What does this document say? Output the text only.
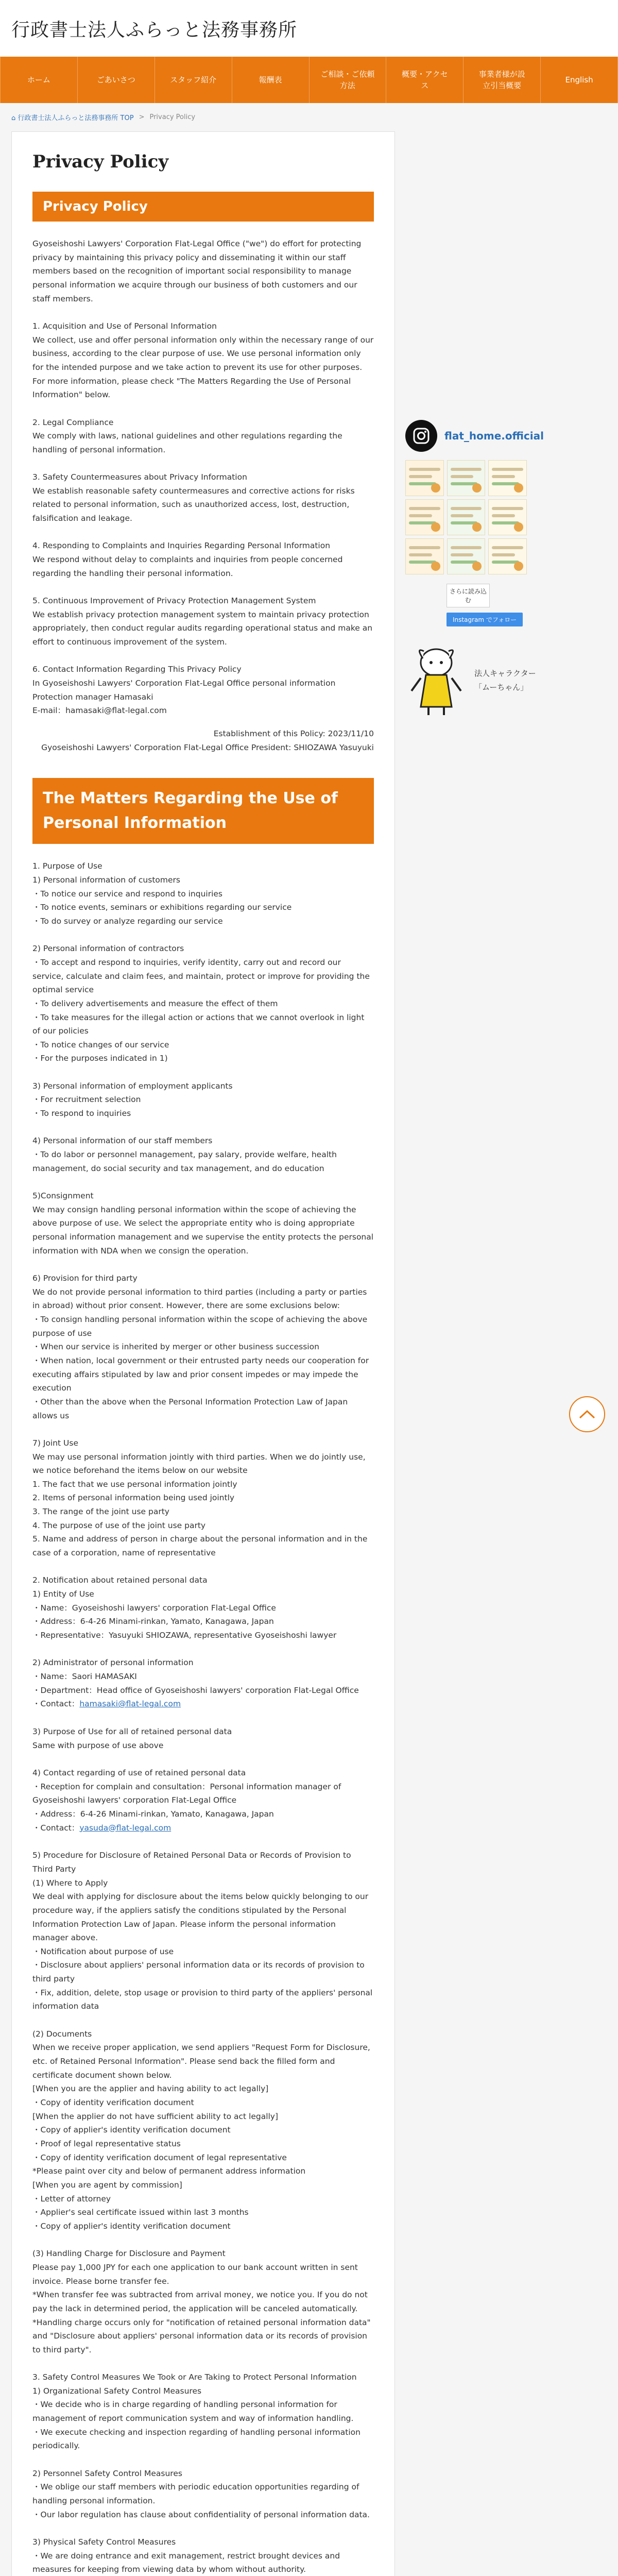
行政書士法人ふらっと法務事務所
ホーム	ごあいさつ	スタッフ紹介	報酬表
ご相談・ご依頼
方法
概要・アクセ
ス
事業者様が設
立引当概要
English
⌂ 行政書士法人ふらっと法務事務所 TOP > Privacy Policy
Privacy Policy
Privacy Policy
Gyoseishoshi Lawyers' Corporation Flat-Legal Office ("we") do effort for protecting privacy by maintaining this privacy policy and disseminating it within our staff members based on the recognition of important social responsibility to manage personal information we acquire through our business of both customers and our staff members.

1. Acquisition and Use of Personal Information
We collect, use and offer personal information only within the necessary range of our business, according to the clear purpose of use. We use personal information only for the intended purpose and we take action to prevent its use for other purposes. For more information, please check "The Matters Regarding the Use of Personal Information" below.

2. Legal Compliance
We comply with laws, national guidelines and other regulations regarding the handling of personal information.

3. Safety Countermeasures about Privacy Information
We establish reasonable safety countermeasures and corrective actions for risks related to personal information, such as unauthorized access, lost, destruction, falsification and leakage.

4. Responding to Complaints and Inquiries Regarding Personal Information
We respond without delay to complaints and inquiries from people concerned regarding the handling their personal information.

5. Continuous Improvement of Privacy Protection Management System
We establish privacy protection management system to maintain privacy protection appropriately, then conduct regular audits regarding operational status and make an effort to continuous improvement of the system.

6. Contact Information Regarding This Privacy Policy
In Gyoseishoshi Lawyers' Corporation Flat-Legal Office personal information Protection manager Hamasaki
E-mail：hamasaki@flat-legal.com
Establishment of this Policy: 2023/11/10
Gyoseishoshi Lawyers' Corporation Flat-Legal Office President: SHIOZAWA Yasuyuki
The Matters Regarding the Use of Personal Information
1. Purpose of Use
1) Personal information of customers
・To notice our service and respond to inquiries
・To notice events, seminars or exhibitions regarding our service
・To do survey or analyze regarding our service

2) Personal information of contractors
・To accept and respond to inquiries, verify identity, carry out and record our service, calculate and claim fees, and maintain, protect or improve for providing the optimal service
・To delivery advertisements and measure the effect of them
・To take measures for the illegal action or actions that we cannot overlook in light of our policies
・To notice changes of our service
・For the purposes indicated in 1)

3) Personal information of employment applicants
・For recruitment selection
・To respond to inquiries

4) Personal information of our staff members
・To do labor or personnel management, pay salary, provide welfare, health management, do social security and tax management, and do education

5)Consignment
We may consign handling personal information within the scope of achieving the above purpose of use. We select the appropriate entity who is doing appropriate personal information management and we supervise the entity protects the personal information with NDA when we consign the operation.

6) Provision for third party
We do not provide personal information to third parties (including a party or parties in abroad) without prior consent. However, there are some exclusions below:
・To consign handling personal information within the scope of achieving the above purpose of use
・When our service is inherited by merger or other business succession
・When nation, local government or their entrusted party needs our cooperation for executing affairs stipulated by law and prior consent impedes or may impede the execution
・Other than the above when the Personal Information Protection Law of Japan allows us

7) Joint Use
We may use personal information jointly with third parties. When we do jointly use, we notice beforehand the items below on our website
1. The fact that we use personal information jointly
2. Items of personal information being used jointly
3. The range of the joint use party
4. The purpose of use of the joint use party
5. Name and address of person in charge about the personal information and in the case of a corporation, name of representative

2. Notification about retained personal data
1) Entity of Use
・Name：Gyoseishoshi lawyers' corporation Flat-Legal Office
・Address：6-4-26 Minami-rinkan, Yamato, Kanagawa, Japan
・Representative：Yasuyuki SHIOZAWA, representative Gyoseishoshi lawyer

2) Administrator of personal information
・Name：Saori HAMASAKI
・Department：Head office of Gyoseishoshi lawyers' corporation Flat-Legal Office
・Contact：hamasaki@flat-legal.com
3) Purpose of Use for all of retained personal data
Same with purpose of use above

4) Contact regarding of use of retained personal data
・Reception for complain and consultation：Personal information manager of Gyoseishoshi lawyers' corporation Flat-Legal Office
・Address：6-4-26 Minami-rinkan, Yamato, Kanagawa, Japan
・Contact：yasuda@flat-legal.com
5) Procedure for Disclosure of Retained Personal Data or Records of Provision to Third Party
(1) Where to Apply
We deal with applying for disclosure about the items below quickly belonging to our procedure way, if the appliers satisfy the conditions stipulated by the Personal Information Protection Law of Japan. Please inform the personal information manager above.
・Notification about purpose of use
・Disclosure about appliers' personal information data or its records of provision to third party
・Fix, addition, delete, stop usage or provision to third party of the appliers' personal information data

(2) Documents
When we receive proper application, we send appliers "Request Form for Disclosure, etc. of Retained Personal Information". Please send back the filled form and certificate document shown below.
[When you are the applier and having ability to act legally]
・Copy of identity verification document
[When the applier do not have sufficient ability to act legally]
・Copy of applier's identity verification document
・Proof of legal representative status
・Copy of identity verification document of legal representative
*Please paint over city and below of permanent address information
[When you are agent by commission]
・Letter of attorney
・Applier's seal certificate issued within last 3 months
・Copy of applier's identity verification document

(3) Handling Charge for Disclosure and Payment
Please pay 1,000 JPY for each one application to our bank account written in sent invoice. Please borne transfer fee.
*When transfer fee was subtracted from arrival money, we notice you. If you do not pay the lack in determined period, the application will be canceled automatically.
*Handling charge occurs only for "notification of retained personal information data" and "Disclosure about appliers' personal information data or its records of provision to third party".

3. Safety Control Measures We Took or Are Taking to Protect Personal Information
1) Organizational Safety Control Measures
・We decide who is in charge regarding of handling personal information for management of report communication system and way of information handling.
・We execute checking and inspection regarding of handling personal information periodically.

2) Personnel Safety Control Measures
・We oblige our staff members with periodic education opportunities regarding of handling personal information.
・Our labor regulation has clause about confidentiality of personal information data.

3) Physical Safety Control Measures
・We are doing entrance and exit management, restrict brought devices and measures for keeping from viewing data by whom without authority.

flat_home.official
さらに読み込む
Instagram でフォロー
法人キャラクター
「ムーちゃん」
